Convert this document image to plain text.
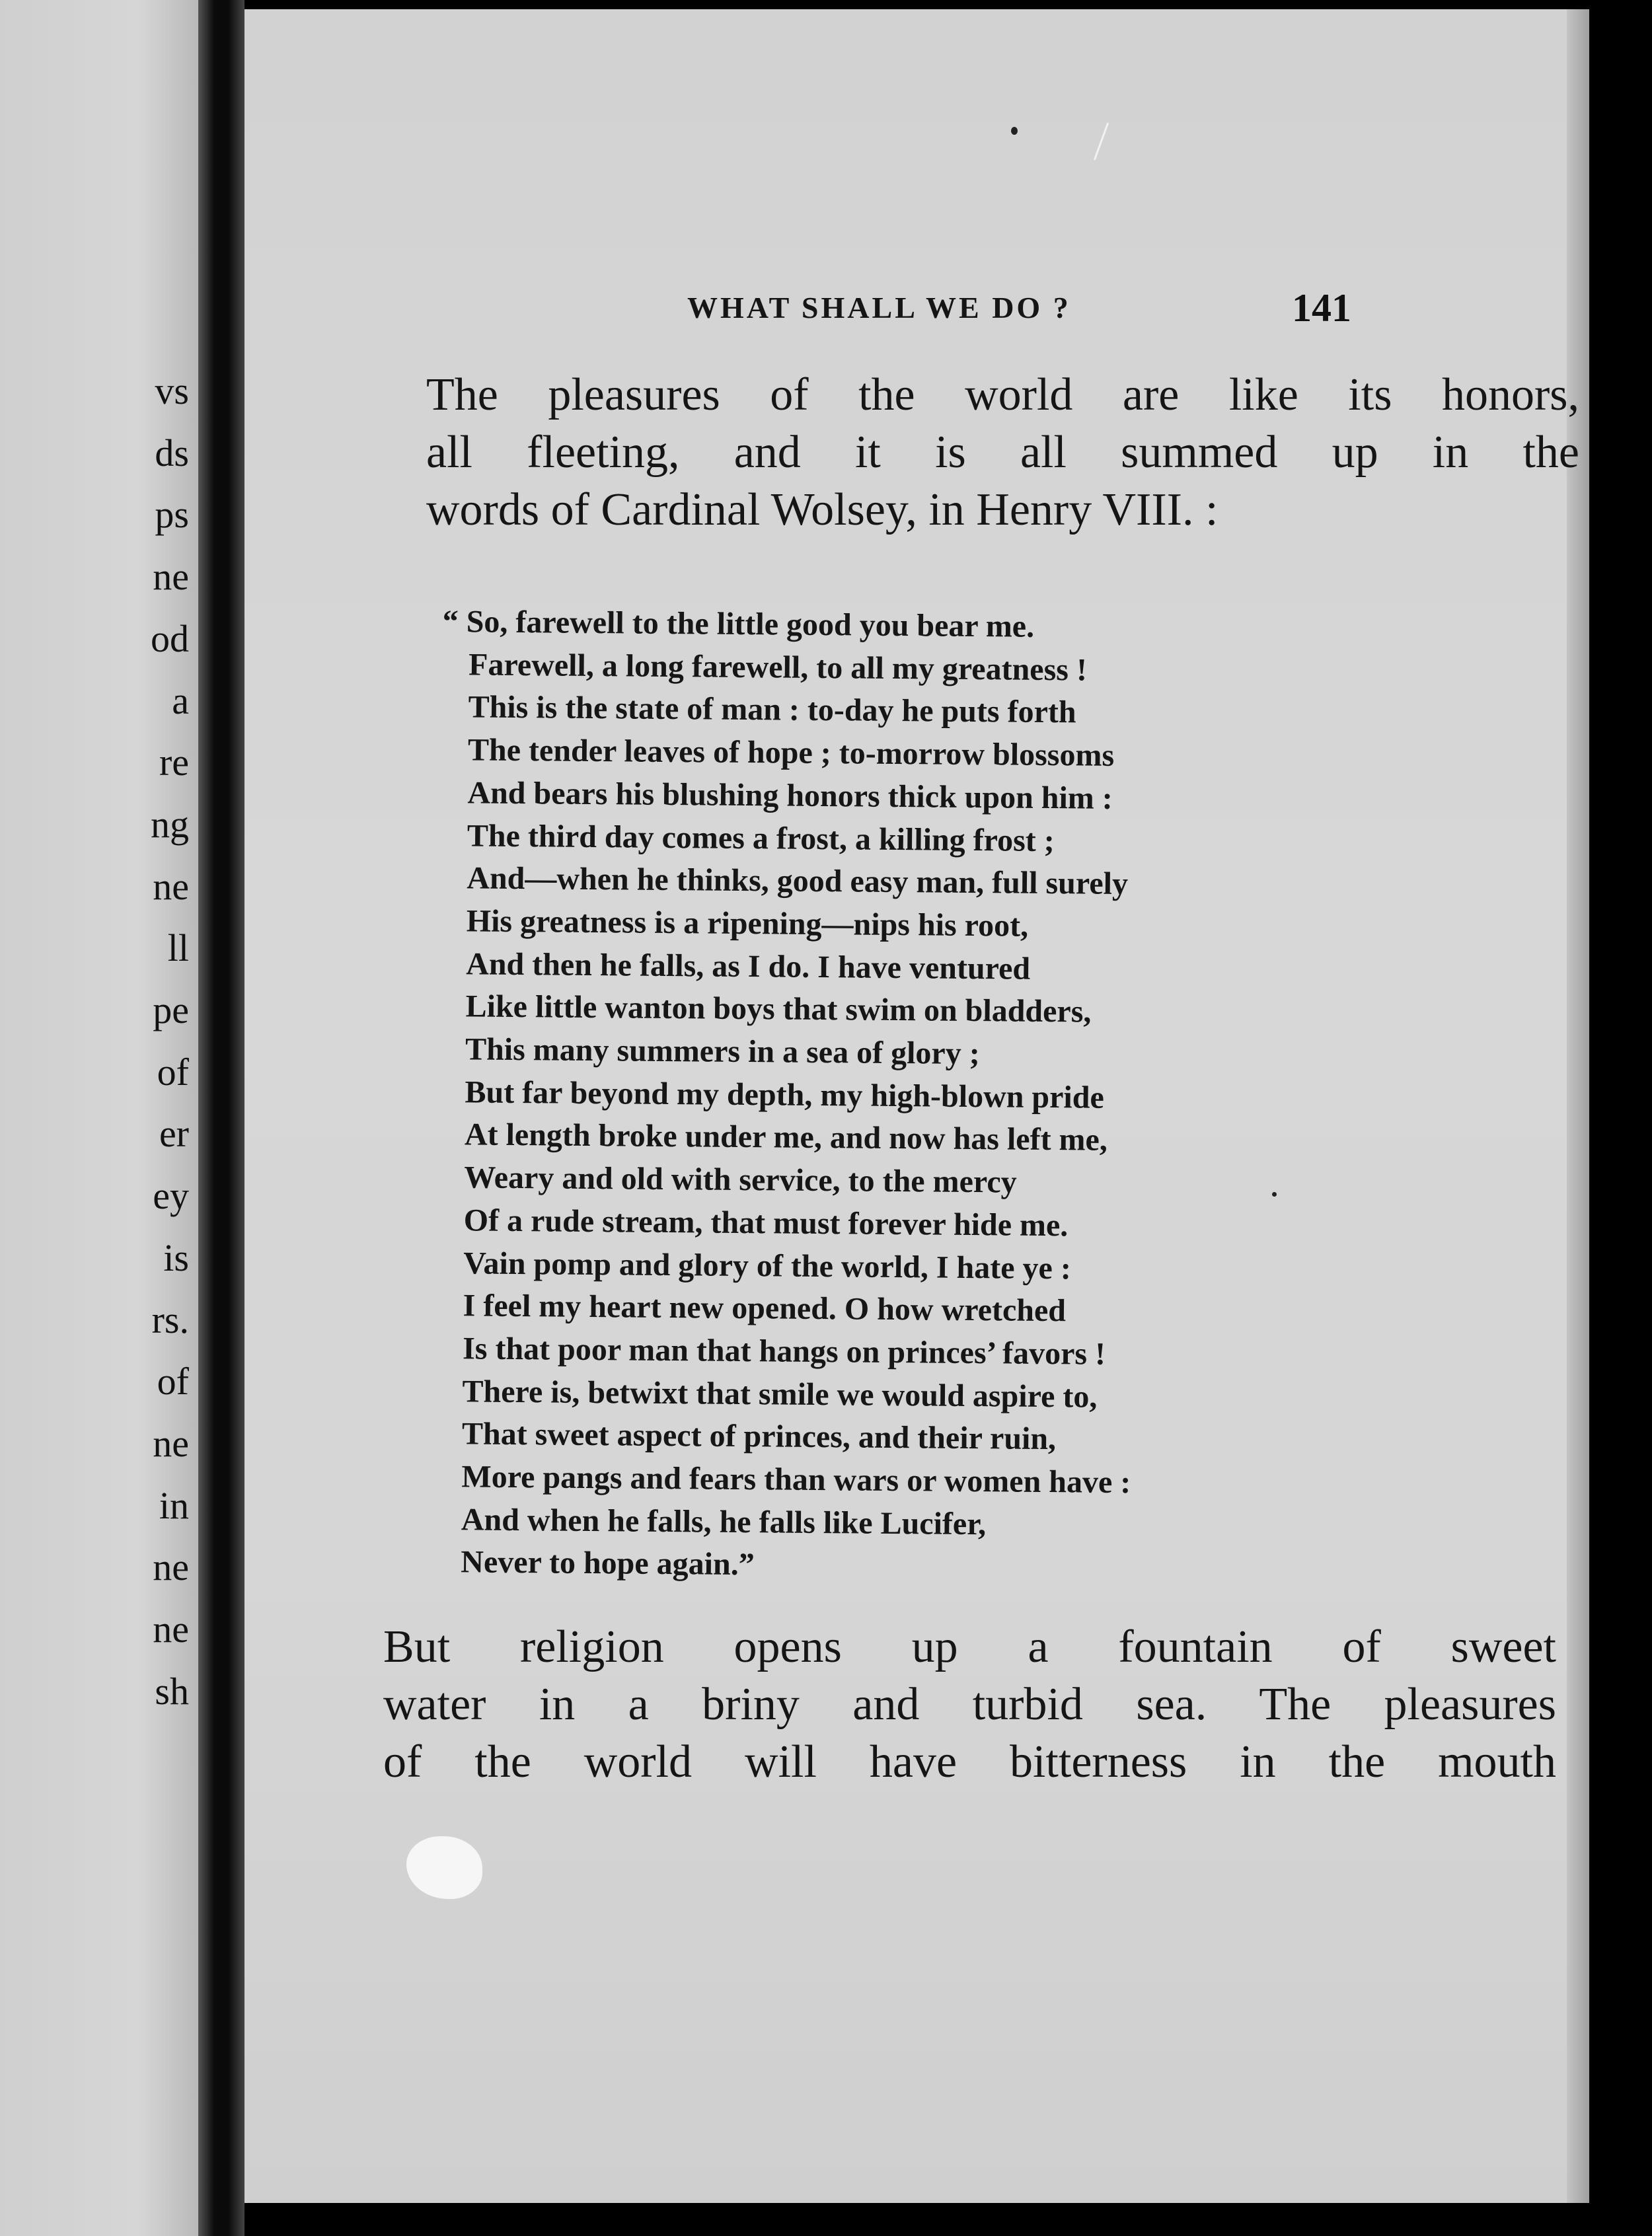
vs
ds
ps
ne
od
a
re
ng
ne
ll
pe
of
er
ey
is
rs.
of
ne
in
ne
ne
sh
WHAT SHALL WE DO ?	141

The pleasures of the world are like its honors,
all fleeting, and it is all summed up in the
words of Cardinal Wolsey, in Henry VIII. :

“ So, farewell to the little good you bear me.
Farewell, a long farewell, to all my greatness !
This is the state of man : to-day he puts forth
The tender leaves of hope ; to-morrow blossoms
And bears his blushing honors thick upon him :
The third day comes a frost, a killing frost ;
And—when he thinks, good easy man, full surely
His greatness is a ripening—nips his root,
And then he falls, as I do. I have ventured
Like little wanton boys that swim on bladders,
This many summers in a sea of glory ;
But far beyond my depth, my high-blown pride
At length broke under me, and now has left me,
Weary and old with service, to the mercy
Of a rude stream, that must forever hide me.
Vain pomp and glory of the world, I hate ye :
I feel my heart new opened. O how wretched
Is that poor man that hangs on princes’ favors !
There is, betwixt that smile we would aspire to,
That sweet aspect of princes, and their ruin,
More pangs and fears than wars or women have :
And when he falls, he falls like Lucifer,
Never to hope again.”

But religion opens up a fountain of sweet
water in a briny and turbid sea. The pleasures
of the world will have bitterness in the mouth
